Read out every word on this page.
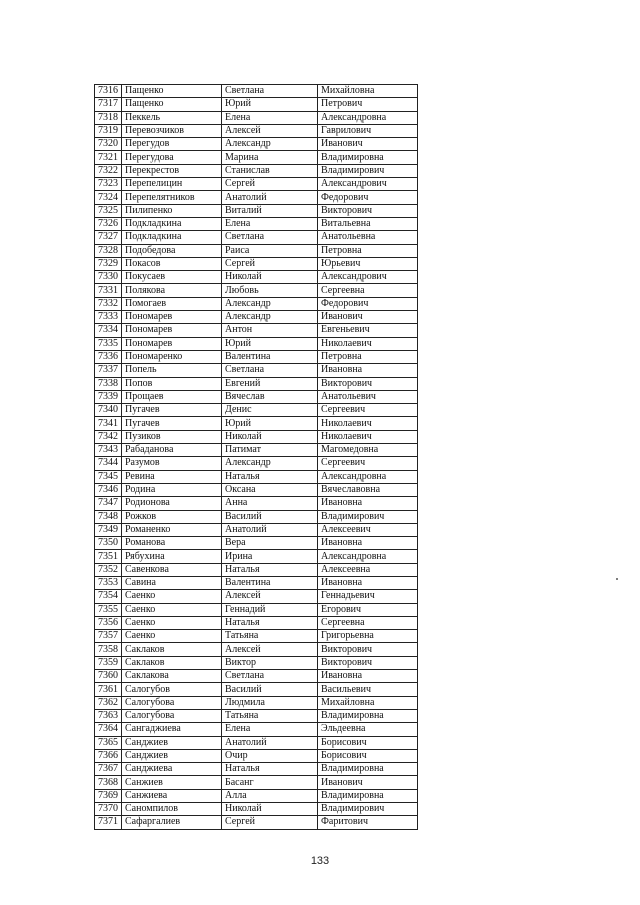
7316	Пащенко	Светлана	Михайловна
7317	Пащенко	Юрий	Петрович
7318	Пеккель	Елена	Александровна
7319	Перевозчиков	Алексей	Гаврилович
7320	Перегудов	Александр	Иванович
7321	Перегудова	Марина	Владимировна
7322	Перекрестов	Станислав	Владимирович
7323	Перепелицин	Сергей	Александрович
7324	Перепелятников	Анатолий	Федорович
7325	Пилипенко	Виталий	Викторович
7326	Подкладкина	Елена	Витальевна
7327	Подкладкина	Светлана	Анатольевна
7328	Подобедова	Раиса	Петровна
7329	Покасов	Сергей	Юрьевич
7330	Покусаев	Николай	Александрович
7331	Полякова	Любовь	Сергеевна
7332	Помогаев	Александр	Федорович
7333	Пономарев	Александр	Иванович
7334	Пономарев	Антон	Евгеньевич
7335	Пономарев	Юрий	Николаевич
7336	Пономаренко	Валентина	Петровна
7337	Попель	Светлана	Ивановна
7338	Попов	Евгений	Викторович
7339	Прощаев	Вячеслав	Анатольевич
7340	Пугачев	Денис	Сергеевич
7341	Пугачев	Юрий	Николаевич
7342	Пузиков	Николай	Николаевич
7343	Рабаданова	Патимат	Магомедовна
7344	Разумов	Александр	Сергеевич
7345	Ревина	Наталья	Александровна
7346	Родина	Оксана	Вячеславовна
7347	Родионова	Анна	Ивановна
7348	Рожков	Василий	Владимирович
7349	Романенко	Анатолий	Алексеевич
7350	Романова	Вера	Ивановна
7351	Рябухина	Ирина	Александровна
7352	Савенкова	Наталья	Алексеевна
7353	Савина	Валентина	Ивановна
7354	Саенко	Алексей	Геннадьевич
7355	Саенко	Геннадий	Егорович
7356	Саенко	Наталья	Сергеевна
7357	Саенко	Татьяна	Григорьевна
7358	Саклаков	Алексей	Викторович
7359	Саклаков	Виктор	Викторович
7360	Саклакова	Светлана	Ивановна
7361	Салогубов	Василий	Васильевич
7362	Салогубова	Людмила	Михайловна
7363	Салогубова	Татьяна	Владимировна
7364	Сангаджиева	Елена	Эльдеевна
7365	Санджиев	Анатолий	Борисович
7366	Санджиев	Очир	Борисович
7367	Санджиева	Наталья	Владимировна
7368	Санжиев	Басанг	Иванович
7369	Санжиева	Алла	Владимировна
7370	Саномпилов	Николай	Владимирович
7371	Сафаргалиев	Сергей	Фаритович
133
